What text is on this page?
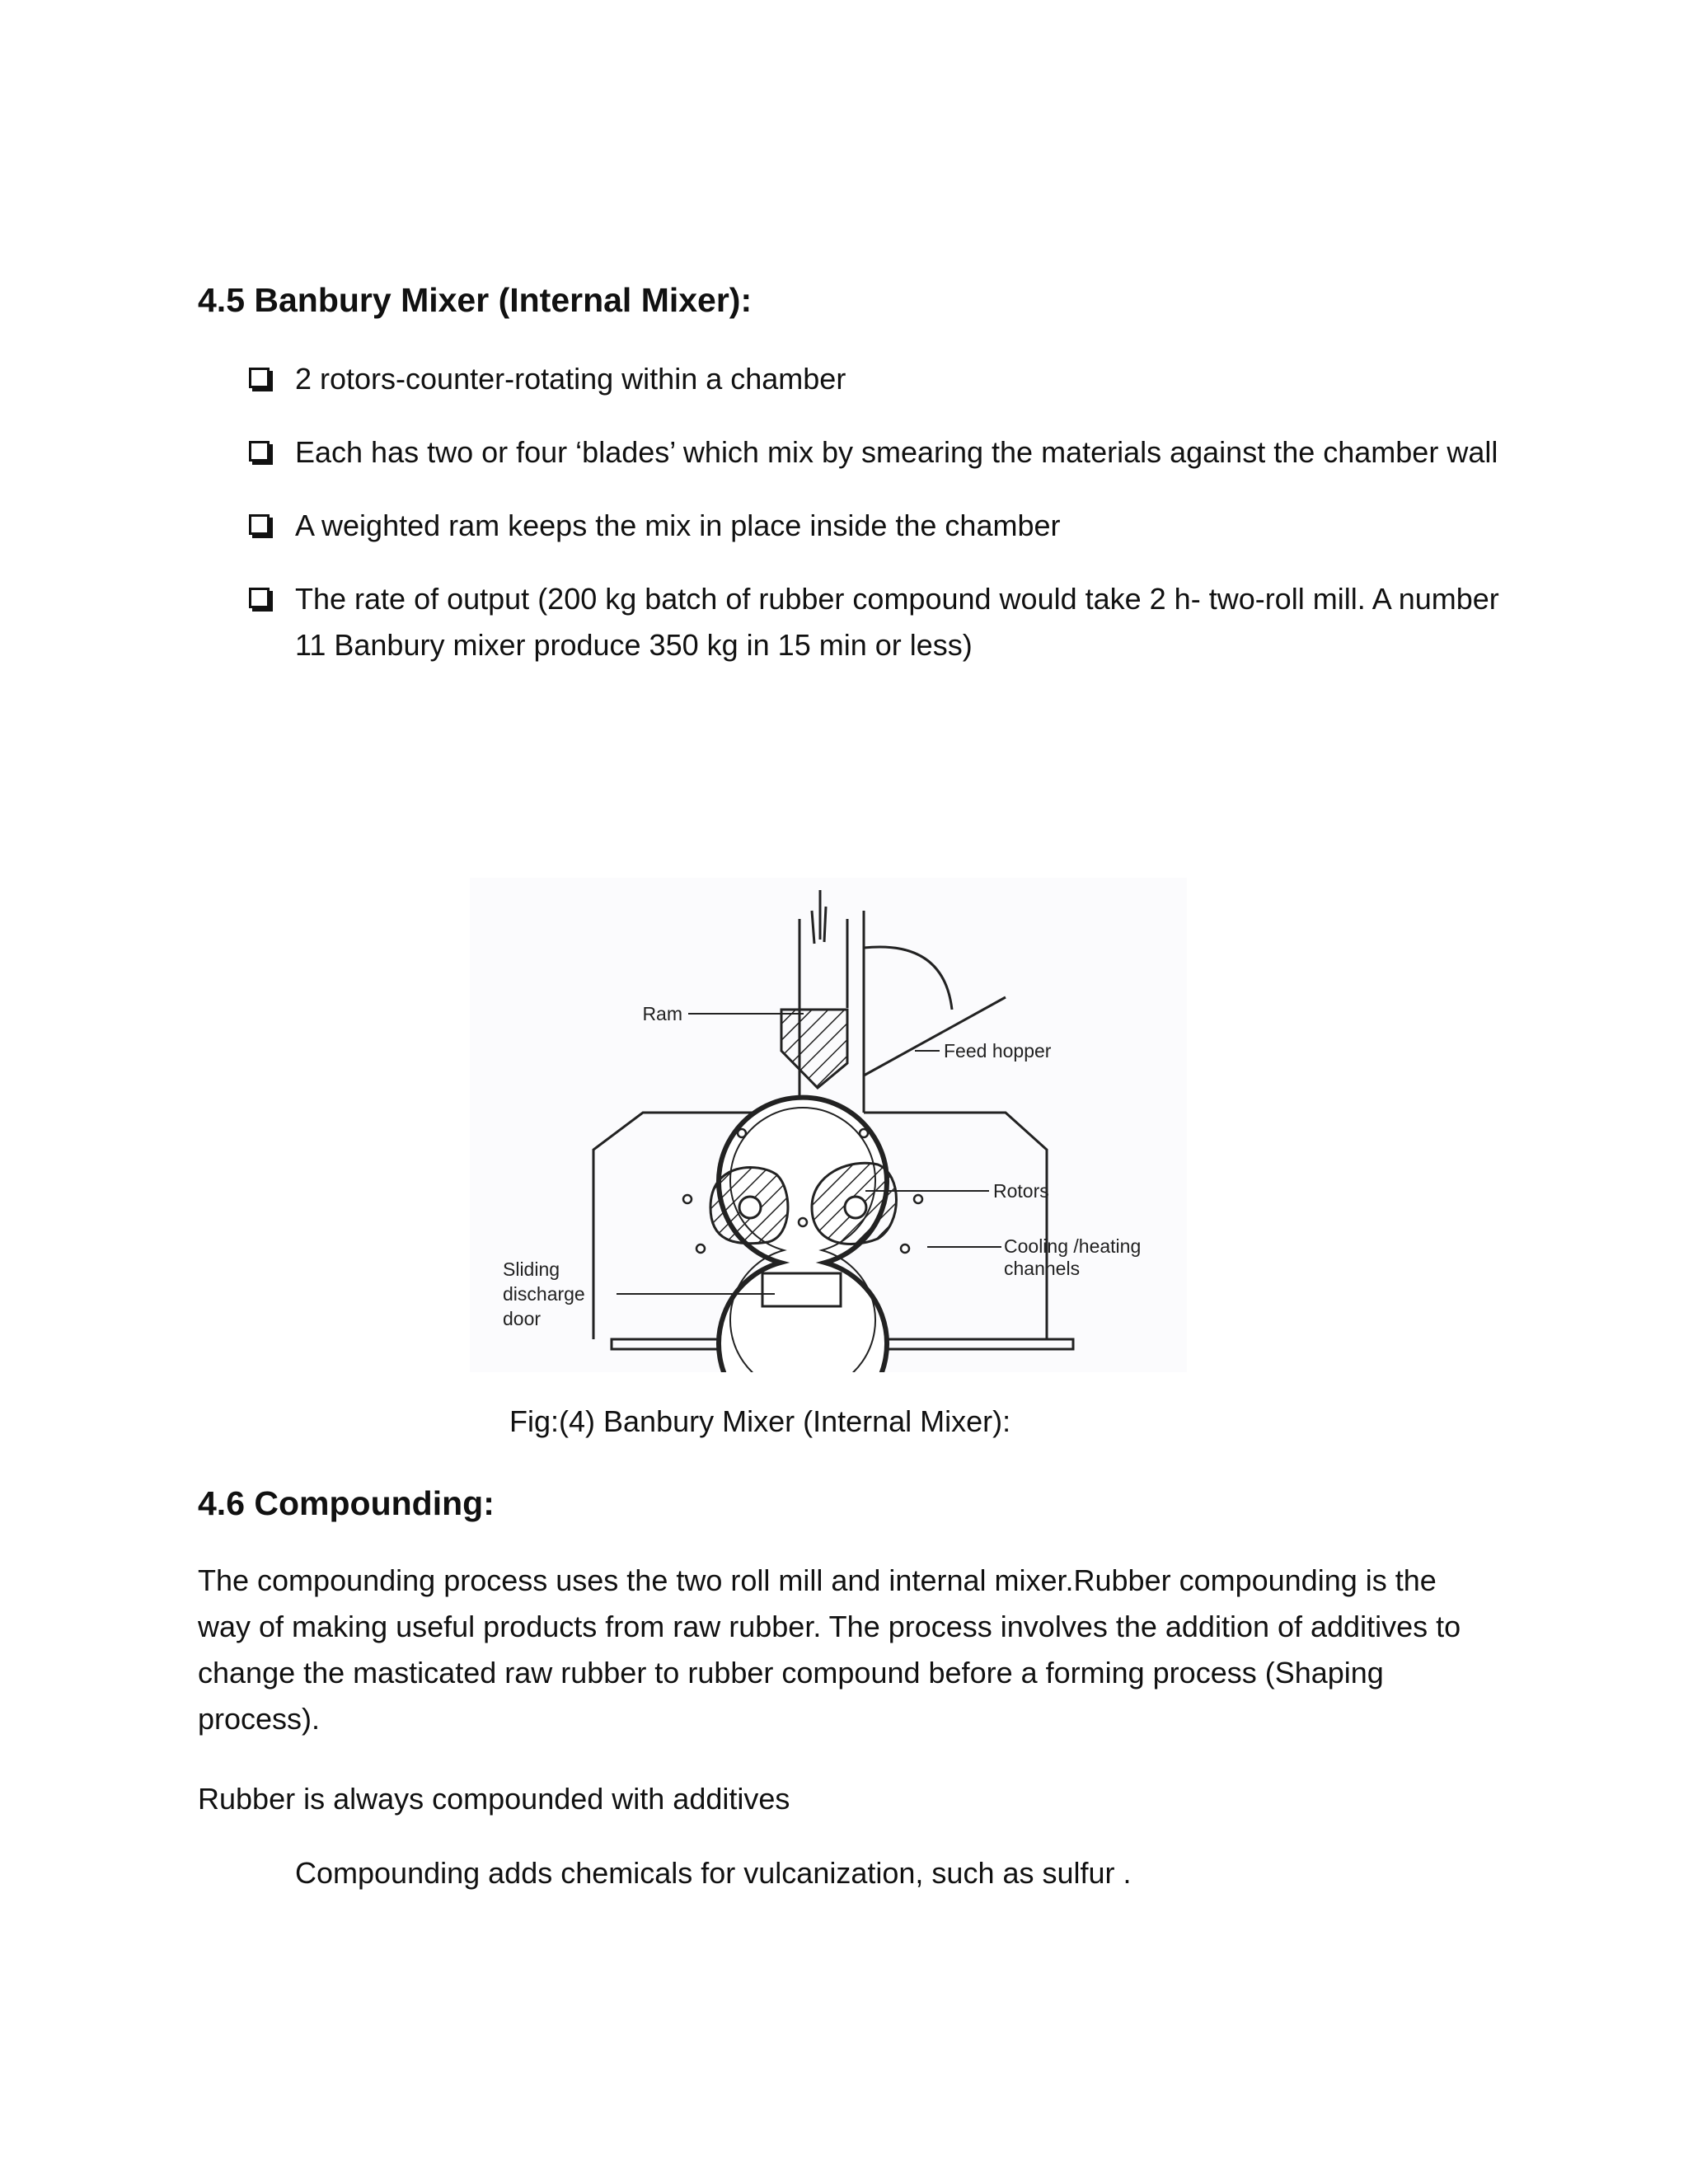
4.5 Banbury Mixer (Internal Mixer):
2 rotors-counter-rotating within a chamber
Each has two or four ‘blades’ which mix by smearing the materials against the chamber wall
A weighted ram keeps the mix in place inside the chamber
The rate of output (200 kg batch of rubber compound would take 2 h- two-roll mill. A number 11 Banbury mixer produce 350 kg in 15 min or less)
Ram
Feed hopper
Rotors
Cooling /heating
channels
Sliding
discharge
door
Fig:(4) Banbury Mixer (Internal Mixer):
4.6 Compounding:

The compounding process uses the two roll mill and internal mixer.Rubber compounding is the way of making useful products from raw rubber. The process involves the addition of additives to change the masticated raw rubber to rubber compound before a forming process (Shaping process).

Rubber is always compounded with additives

Compounding adds chemicals for vulcanization, such as sulfur .
